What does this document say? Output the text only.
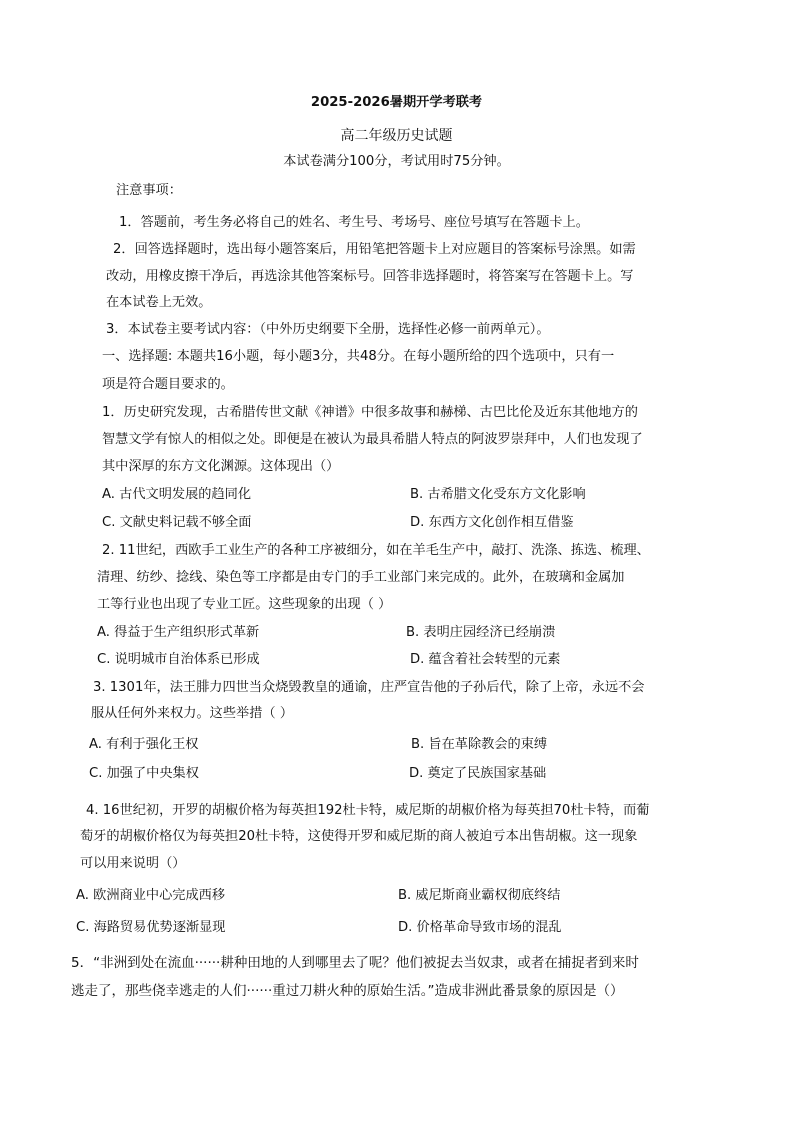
2025-2026暑期开学考联考
高二年级历史试题
本试卷满分100分，考试用时75分钟。
注意事项：
1．答题前，考生务必将自己的姓名、考生号、考场号、座位号填写在答题卡上。
2．回答选择题时，选出每小题答案后，用铅笔把答题卡上对应题目的答案标号涂黑。如需
改动，用橡皮擦干净后，再选涂其他答案标号。回答非选择题时，将答案写在答题卡上。写
在本试卷上无效。
3．本试卷主要考试内容：（中外历史纲要下全册，选择性必修一前两单元）。
一、选择题: 本题共16小题，每小题3分，共48分。在每小题所给的四个选项中，只有一
项是符合题目要求的。
1．历史研究发现，古希腊传世文献《神谱》中很多故事和赫梯、古巴比伦及近东其他地方的
智慧文学有惊人的相似之处。即便是在被认为最具希腊人特点的阿波罗崇拜中，人们也发现了
其中深厚的东方文化渊源。这体现出（）
A. 古代文明发展的趋同化	B. 古希腊文化受东方文化影响
C. 文献史料记载不够全面	D. 东西方文化创作相互借鉴
2. 11世纪，西欧手工业生产的各种工序被细分，如在羊毛生产中，敲打、洗涤、拣选、梳理、
清理、纺纱、捻线、染色等工序都是由专门的手工业部门来完成的。此外，在玻璃和金属加
工等行业也出现了专业工匠。这些现象的出现（ ）
A. 得益于生产组织形式革新	B. 表明庄园经济已经崩溃
C. 说明城市自治体系已形成	D. 蕴含着社会转型的元素
3. 1301年，法王腓力四世当众烧毁教皇的通谕，庄严宣告他的子孙后代，除了上帝，永远不会
服从任何外来权力。这些举措（ ）
A. 有利于强化王权	B. 旨在革除教会的束缚
C. 加强了中央集权	D. 奠定了民族国家基础
4. 16世纪初，开罗的胡椒价格为每英担192杜卡特，威尼斯的胡椒价格为每英担70杜卡特，而葡
萄牙的胡椒价格仅为每英担20杜卡特，这使得开罗和威尼斯的商人被迫亏本出售胡椒。这一现象
可以用来说明（）
A. 欧洲商业中心完成西移	B. 威尼斯商业霸权彻底终结
C. 海路贸易优势逐渐显现	D. 价格革命导致市场的混乱
5．“非洲到处在流血······耕种田地的人到哪里去了呢？他们被捉去当奴隶，或者在捕捉者到来时
逃走了，那些侥幸逃走的人们······重过刀耕火种的原始生活。”造成非洲此番景象的原因是（）
